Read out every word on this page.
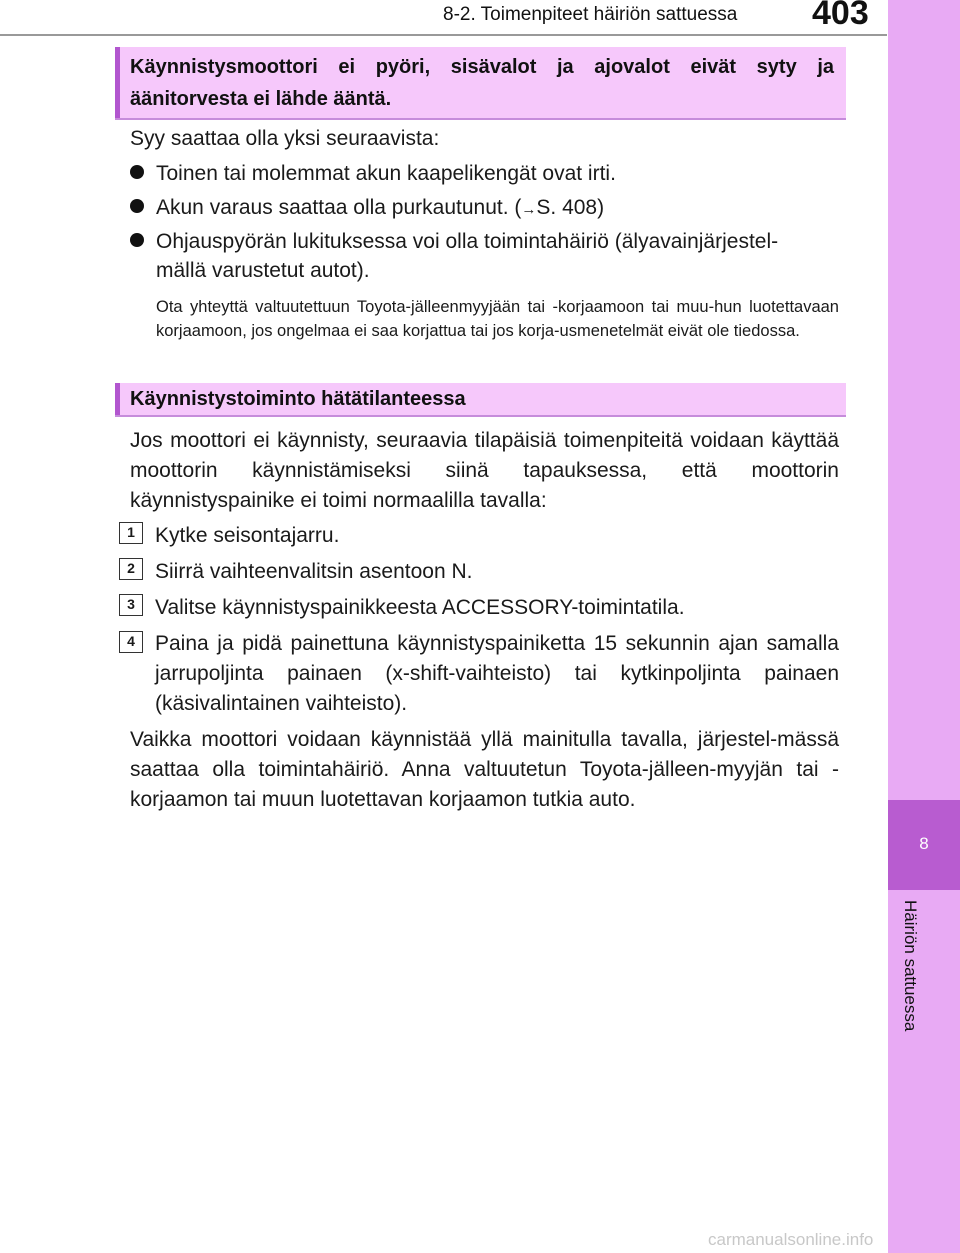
8-2. Toimenpiteet häiriön sattuessa 403
8
Häiriön sattuessa
Käynnistysmoottori ei pyöri, sisävalot ja ajovalot eivät syty ja äänitorvesta ei lähde ääntä.
Syy saattaa olla yksi seuraavista:
Toinen tai molemmat akun kaapelikengät ovat irti.
Akun varaus saattaa olla purkautunut. (→S. 408)
Ohjauspyörän lukituksessa voi olla toimintahäiriö (älyavainjärjestel-
mällä varustetut autot).
Ota yhteyttä valtuutettuun Toyota-jälleenmyyjään tai -korjaamoon tai muu-hun luotettavaan korjaamoon, jos ongelmaa ei saa korjattua tai jos korja-usmenetelmät eivät ole tiedossa.
Käynnistystoiminto hätätilanteessa
Jos moottori ei käynnisty, seuraavia tilapäisiä toimenpiteitä voidaan käyttää moottorin käynnistämiseksi siinä tapauksessa, että moottorin käynnistyspainike ei toimi normaalilla tavalla:
1 Kytke seisontajarru.
2 Siirrä vaihteenvalitsin asentoon N.
3 Valitse käynnistyspainikkeesta ACCESSORY-toimintatila.
4 Paina ja pidä painettuna käynnistyspainiketta 15 sekunnin ajan samalla jarrupoljinta painaen (x-shift-vaihteisto) tai kytkinpoljinta painaen (käsivalintainen vaihteisto).
Vaikka moottori voidaan käynnistää yllä mainitulla tavalla, järjestel-mässä saattaa olla toimintahäiriö. Anna valtuutetun Toyota-jälleen-myyjän tai -korjaamon tai muun luotettavan korjaamon tutkia auto.
carmanualsonline.info
